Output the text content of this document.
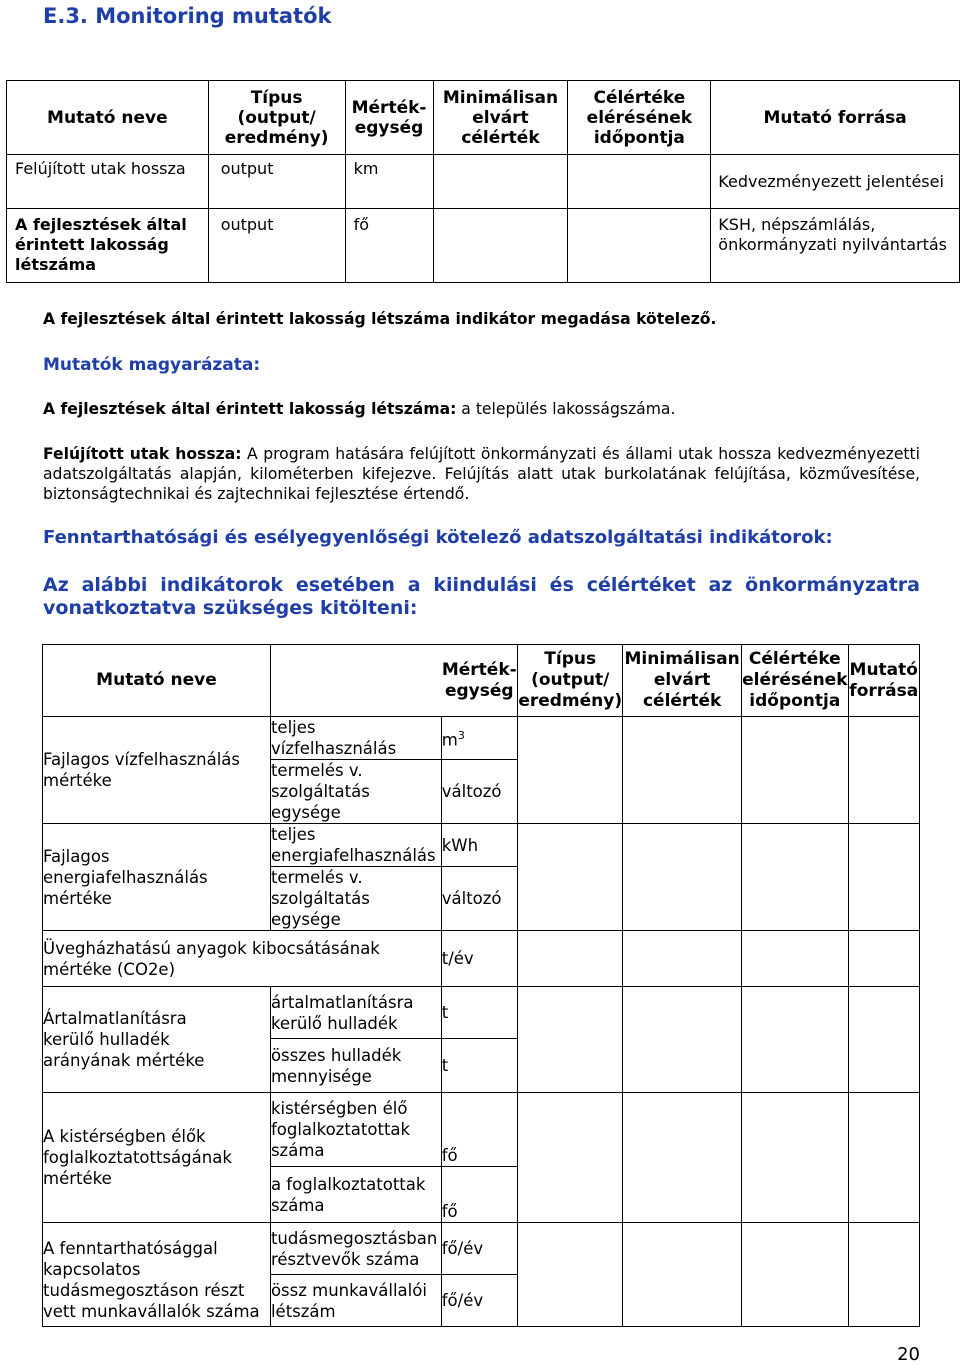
E.3. Monitoring mutatók
Mutató neve	Típus (output/ eredmény)	Mérték-egység	Minimálisan elvárt célérték	Célértéke elérésének időpontja	Mutató forrása
Felújított utak hossza	output	km			Kedvezményezett jelentései
A fejlesztések által érintett lakosság létszáma	output	fő			KSH, népszámlálás, önkormányzati nyilvántartás

A fejlesztések által érintett lakosság létszáma indikátor megadása kötelező.

Mutatók magyarázata:

A fejlesztések által érintett lakosság létszáma: a település lakosságszáma.

Felújított utak hossza: A program hatására felújított önkormányzati és állami utak hossza kedvezményezetti adatszolgáltatás alapján, kilométerben kifejezve. Felújítás alatt utak burkolatának felújítása, közművesítése, biztonságtechnikai és zajtechnikai fejlesztése értendő.

Fenntarthatósági és esélyegyenlőségi kötelező adatszolgáltatási indikátorok:

Az alábbi indikátorok esetében a kiindulási és célértéket az önkormányzatra vonatkoztatva szükséges kitölteni:

Mutató neve			Mérték-egység	Típus (output/ eredmény)	Minimálisan elvárt célérték	Célértéke elérésének időpontja	Mutató forrása
Fajlagos vízfelhasználás mértéke		teljes vízfelhasználás	$m^3$				
		termelés v. szolgáltatás egysége	változó				
Fajlagos energiafelhasználás mértéke		teljes energiafelhasználás	kWh				
		termelés v. szolgáltatás egysége	változó				
Üvegházhatású anyagok kibocsátásának mértéke (CO2e)			t/év				
Ártalmatlanításra kerülő hulladék arányának mértéke		ártalmatlanításra kerülő hulladék	t				
		összes hulladék mennyisége	t				
A kistérségben élők foglalkoztatottságának mértéke		kistérségben élő foglalkoztatottak száma	fő				
		a foglalkoztatottak száma	fő				
A fenntarthatósággal kapcsolatos tudásmegosztáson részt vett munkavállalók száma		tudásmegosztásban résztvevők száma	fő/év				
		össz munkavállalói létszám	fő/év				
20
